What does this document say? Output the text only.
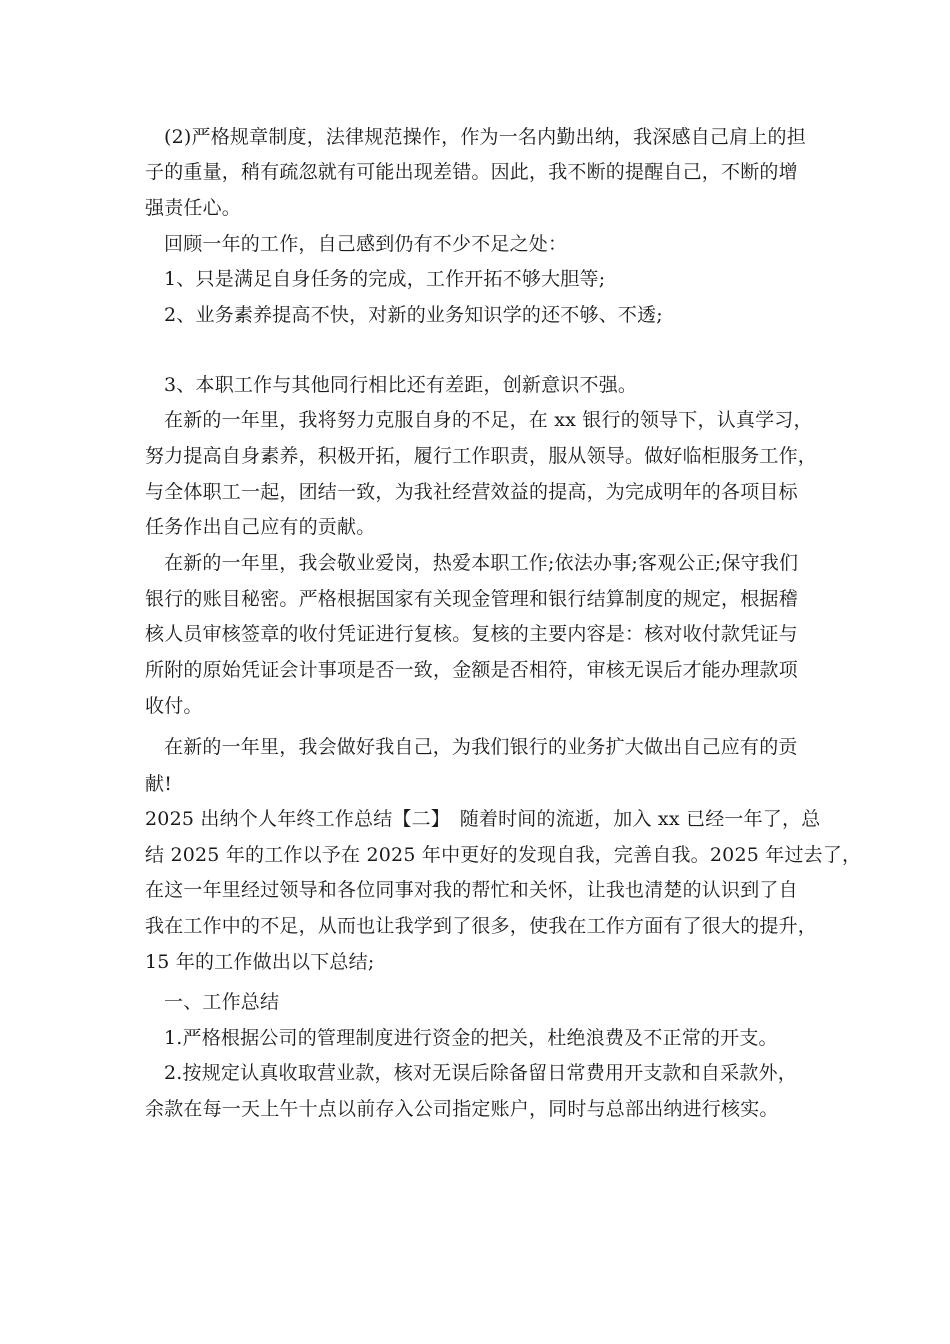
(2)严格规章制度，法律规范操作，作为一名内勤出纳，我深感自己肩上的担
子的重量，稍有疏忽就有可能出现差错。因此，我不断的提醒自己，不断的增
强责任心。
回顾一年的工作，自己感到仍有不少不足之处：
1、只是满足自身任务的完成，工作开拓不够大胆等;
2、业务素养提高不快，对新的业务知识学的还不够、不透;
3、本职工作与其他同行相比还有差距，创新意识不强。
在新的一年里，我将努力克服自身的不足，在 xx 银行的领导下，认真学习，
努力提高自身素养，积极开拓，履行工作职责，服从领导。做好临柜服务工作，
与全体职工一起，团结一致，为我社经营效益的提高，为完成明年的各项目标
任务作出自己应有的贡献。
在新的一年里，我会敬业爱岗，热爱本职工作;依法办事;客观公正;保守我们
银行的账目秘密。严格根据国家有关现金管理和银行结算制度的规定，根据稽
核人员审核签章的收付凭证进行复核。复核的主要内容是：核对收付款凭证与
所附的原始凭证会计事项是否一致，金额是否相符，审核无误后才能办理款项
收付。
在新的一年里，我会做好我自己，为我们银行的业务扩大做出自己应有的贡
献!
2025 出纳个人年终工作总结【二】　随着时间的流逝，加入 xx 已经一年了，总
结 2025 年的工作以予在 2025 年中更好的发现自我，完善自我。2025 年过去了，
在这一年里经过领导和各位同事对我的帮忙和关怀，让我也清楚的认识到了自
我在工作中的不足，从而也让我学到了很多，使我在工作方面有了很大的提升，
15 年的工作做出以下总结;
一、工作总结
1.严格根据公司的管理制度进行资金的把关，杜绝浪费及不正常的开支。
2.按规定认真收取营业款，核对无误后除备留日常费用开支款和自采款外，
余款在每一天上午十点以前存入公司指定账户，同时与总部出纳进行核实。
